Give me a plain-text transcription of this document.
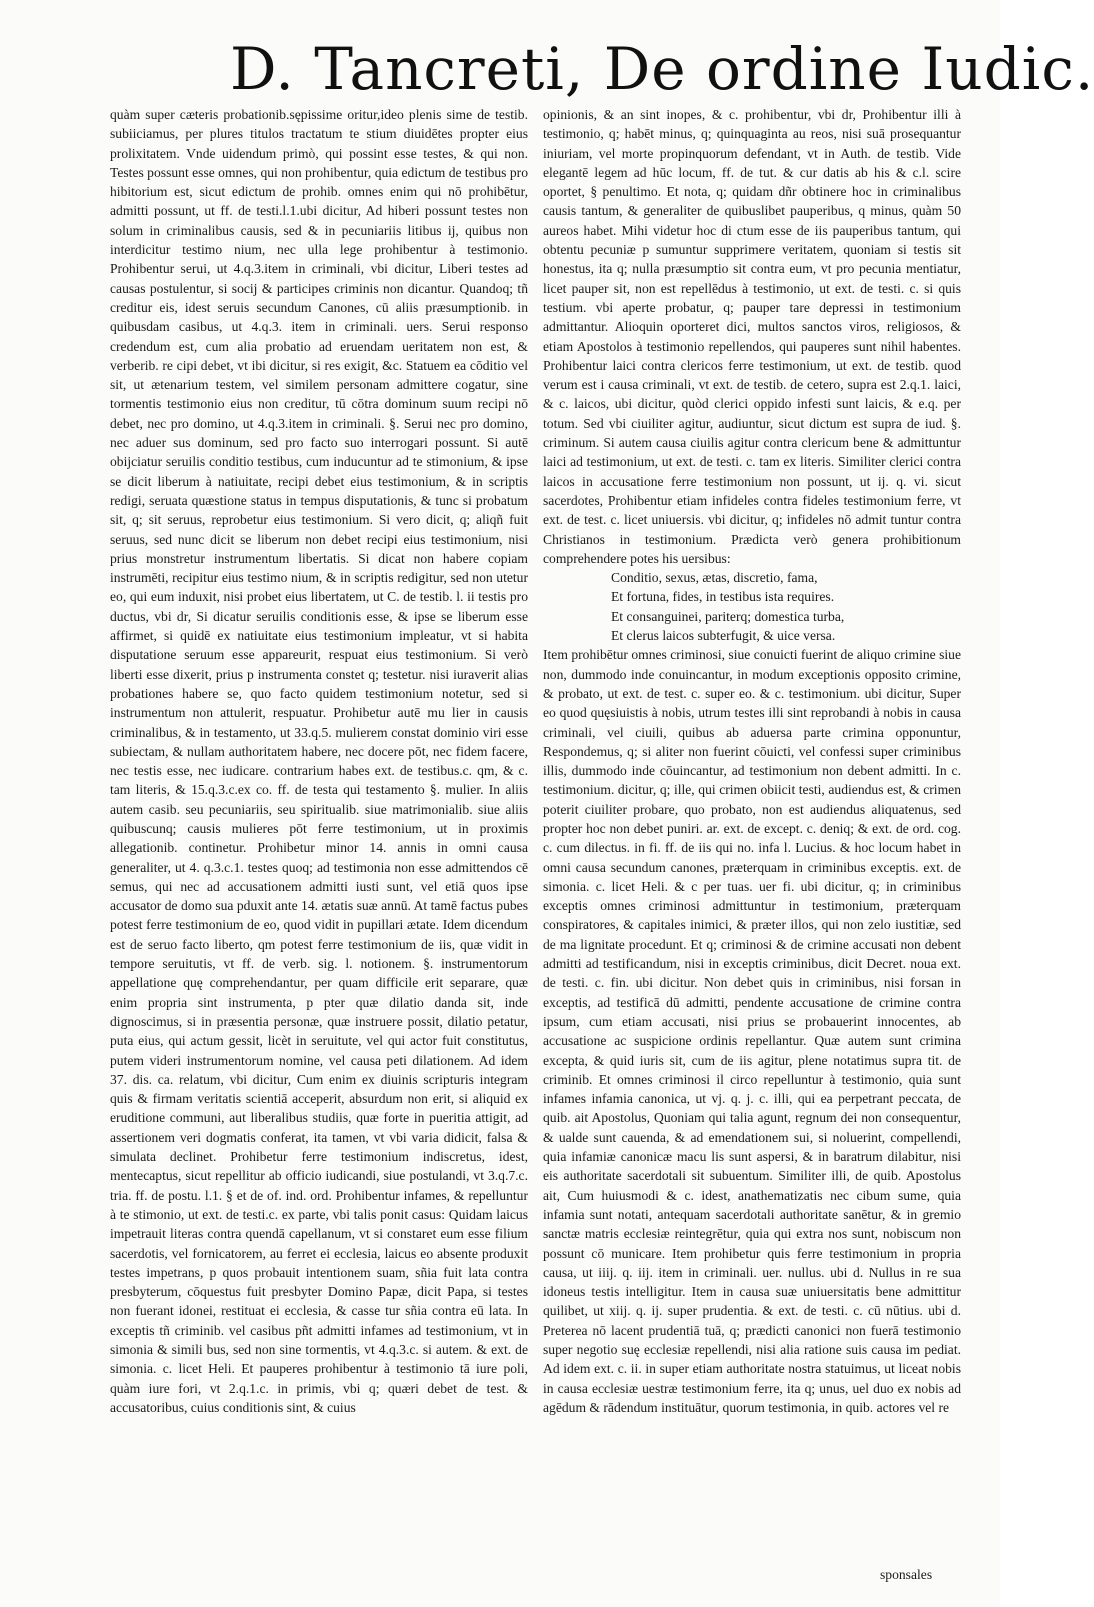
D. Tancreti, De ordine Iudic.

quàm super cæteris probationib.sępissime oritur,ideo plenis sime de testib. subiiciamus, per plures titulos tractatum te stium diuidētes propter eius prolixitatem. Vnde uidendum primò, qui possint esse testes, & qui non. Testes possunt esse omnes, qui non prohibentur, quia edictum de testibus pro hibitorium est, sicut edictum de prohib. omnes enim qui nō prohibētur, admitti possunt, ut ff. de testi.l.1.ubi dicitur, Ad hiberi possunt testes non solum in criminalibus causis, sed & in pecuniariis litibus ij, quibus non interdicitur testimo nium, nec ulla lege prohibentur à testimonio. Prohibentur serui, ut 4.q.3.item in criminali, vbi dicitur, Liberi testes ad causas postulentur, si socij & participes criminis non dicantur. Quandoq; tñ creditur eis, idest seruis secundum Canones, cū aliis præsumptionib. in quibusdam casibus, ut 4.q.3. item in criminali. uers. Serui responso credendum est, cum alia probatio ad eruendam ueritatem non est, & verberib. re cipi debet, vt ibi dicitur, si res exigit, &c. Statuem ea cōditio vel sit, ut ætenarium testem, vel similem personam admittere cogatur, sine tormentis testimonio eius non creditur, tū cōtra dominum suum recipi nō debet, nec pro domino, ut 4.q.3.item in criminali. §. Serui nec pro domino, nec aduer sus dominum, sed pro facto suo interrogari possunt. Si autē obijciatur seruilis conditio testibus, cum inducuntur ad te stimonium, & ipse se dicit liberum à natiuitate, recipi debet eius testimonium, & in scriptis redigi, seruata quæstione status in tempus disputationis, & tunc si probatum sit, q; sit seruus, reprobetur eius testimonium. Si vero dicit, q; aliqñ fuit seruus, sed nunc dicit se liberum non debet recipi eius testimonium, nisi prius monstretur instrumentum libertatis. Si dicat non habere copiam instrumēti, recipitur eius testimo nium, & in scriptis redigitur, sed non utetur eo, qui eum induxit, nisi probet eius libertatem, ut C. de testib. l. ii testis pro ductus, vbi dr, Si dicatur seruilis conditionis esse, & ipse se liberum esse affirmet, si quidē ex natiuitate eius testimonium impleatur, vt si habita disputatione seruum esse appareurit, respuat eius testimonium. Si verò liberti esse dixerit, prius p instrumenta constet q; testetur. nisi iuraverit alias probationes habere se, quo facto quidem testimonium notetur, sed si instrumentum non attulerit, respuatur. Prohibetur autē mu lier in causis criminalibus, & in testamento, ut 33.q.5. mulierem constat dominio viri esse subiectam, & nullam authoritatem habere, nec docere pōt, nec fidem facere, nec testis esse, nec iudicare. contrarium habes ext. de testibus.c. qm, & c. tam literis, & 15.q.3.c.ex co. ff. de testa qui testamento §. mulier. In aliis autem casib. seu pecuniariis, seu spiritualib. siue matrimonialib. siue aliis quibuscunq; causis mulieres pōt ferre testimonium, ut in proximis allegationib. continetur. Prohibetur minor 14. annis in omni causa generaliter, ut 4. q.3.c.1. testes quoq; ad testimonia non esse admittendos cē semus, qui nec ad accusationem admitti iusti sunt, vel etiā quos ipse accusator de domo sua pduxit ante 14. ætatis suæ annū. At tamē factus pubes potest ferre testimonium de eo, quod vidit in pupillari ætate. Idem dicendum est de seruo facto liberto, qm potest ferre testimonium de iis, quæ vidit in tempore seruitutis, vt ff. de verb. sig. l. notionem. §. instrumentorum appellatione quę comprehendantur, per quam difficile erit separare, quæ enim propria sint instrumenta, p pter quæ dilatio danda sit, inde dignoscimus, si in præsentia personæ, quæ instruere possit, dilatio petatur, puta eius, qui actum gessit, licèt in seruitute, vel qui actor fuit constitutus, putem videri instrumentorum nomine, vel causa peti dilationem. Ad idem 37. dis. ca. relatum, vbi dicitur, Cum enim ex diuinis scripturis integram quis & firmam veritatis scientiā acceperit, absurdum non erit, si aliquid ex eruditione communi, aut liberalibus studiis, quæ forte in pueritia attigit, ad assertionem veri dogmatis conferat, ita tamen, vt vbi varia didicit, falsa & simulata declinet. Prohibetur ferre testimonium indiscretus, idest, mentecaptus, sicut repellitur ab officio iudicandi, siue postulandi, vt 3.q.7.c. tria. ff. de postu. l.1. § et de of. ind. ord. Prohibentur infames, & repelluntur à te stimonio, ut ext. de testi.c. ex parte, vbi talis ponit casus: Quidam laicus impetrauit literas contra quendā capellanum, vt si constaret eum esse filium sacerdotis, vel fornicatorem, au ferret ei ecclesia, laicus eo absente produxit testes impetrans, p quos probauit intentionem suam, sñia fuit lata contra presbyterum, cōquestus fuit presbyter Domino Papæ, dicit Papa, si testes non fuerant idonei, restituat ei ecclesia, & casse tur sñia contra eū lata. In exceptis tñ criminib. vel casibus pñt admitti infames ad testimonium, vt in simonia & simili bus, sed non sine tormentis, vt 4.q.3.c. si autem. & ext. de simonia. c. licet Heli. Et pauperes prohibentur à testimonio tā iure poli, quàm iure fori, vt 2.q.1.c. in primis, vbi q; quæri debet de test. & accusatoribus, cuius conditionis sint, & cuius

opinionis, & an sint inopes, & c. prohibentur, vbi dr, Prohibentur illi à testimonio, q; habēt minus, q; quinquaginta au reos, nisi suā prosequantur iniuriam, vel morte propinquorum defendant, vt in Auth. de testib. Vide elegantē legem ad hūc locum, ff. de tut. & cur datis ab his & c.l. scire oportet, § penultimo. Et nota, q; quidam dñr obtinere hoc in criminalibus causis tantum, & generaliter de quibuslibet pauperibus, q minus, quàm 50 aureos habet. Mihi videtur hoc di ctum esse de iis pauperibus tantum, qui obtentu pecuniæ p sumuntur supprimere veritatem, quoniam si testis sit honestus, ita q; nulla præsumptio sit contra eum, vt pro pecunia mentiatur, licet pauper sit, non est repellēdus à testimonio, ut ext. de testi. c. si quis testium. vbi aperte probatur, q; pauper tare depressi in testimonium admittantur. Alioquin oporteret dici, multos sanctos viros, religiosos, & etiam Apostolos à testimonio repellendos, qui pauperes sunt nihil habentes. Prohibentur laici contra clericos ferre testimonium, ut ext. de testib. quod verum est i causa criminali, vt ext. de testib. de cetero, supra est 2.q.1. laici, & c. laicos, ubi dicitur, quòd clerici oppido infesti sunt laicis, & e.q. per totum. Sed vbi ciuiliter agitur, audiuntur, sicut dictum est supra de iud. §. criminum. Si autem causa ciuilis agitur contra clericum bene & admittuntur laici ad testimonium, ut ext. de testi. c. tam ex literis. Similiter clerici contra laicos in accusatione ferre testimonium non possunt, ut ij. q. vi. sicut sacerdotes, Prohibentur etiam infideles contra fideles testimonium ferre, vt ext. de test. c. licet uniuersis. vbi dicitur, q; infideles nō admit tuntur contra Christianos in testimonium. Prædicta verò genera prohibitionum comprehendere potes his uersibus:

Conditio, sexus, ætas, discretio, fama,
Et fortuna, fides, in testibus ista requires.
Et consanguinei, pariterq; domestica turba,
Et clerus laicos subterfugit, & uice versa.

Item prohibētur omnes criminosi, siue conuicti fuerint de aliquo crimine siue non, dummodo inde conuincantur, in modum exceptionis opposito crimine, & probato, ut ext. de test. c. super eo. & c. testimonium. ubi dicitur, Super eo quod quęsiuistis à nobis, utrum testes illi sint reprobandi à nobis in causa criminali, vel ciuili, quibus ab aduersa parte crimina opponuntur, Respondemus, q; si aliter non fuerint cōuicti, vel confessi super criminibus illis, dummodo inde cōuincantur, ad testimonium non debent admitti. In c. testimonium. dicitur, q; ille, qui crimen obiicit testi, audiendus est, & crimen poterit ciuiliter probare, quo probato, non est audiendus aliquatenus, sed propter hoc non debet puniri. ar. ext. de except. c. deniq; & ext. de ord. cog. c. cum dilectus. in fi. ff. de iis qui no. infa l. Lucius. & hoc locum habet in omni causa secundum canones, præterquam in criminibus exceptis. ext. de simonia. c. licet Heli. & c per tuas. uer fi. ubi dicitur, q; in criminibus exceptis omnes criminosi admittuntur in testimonium, præterquam conspiratores, & capitales inimici, & præter illos, qui non zelo iustitiæ, sed de ma lignitate procedunt. Et q; criminosi & de crimine accusati non debent admitti ad testificandum, nisi in exceptis criminibus, dicit Decret. noua ext. de testi. c. fin. ubi dicitur. Non debet quis in criminibus, nisi forsan in exceptis, ad testificā dū admitti, pendente accusatione de crimine contra ipsum, cum etiam accusati, nisi prius se probauerint innocentes, ab accusatione ac suspicione ordinis repellantur. Quæ autem sunt crimina excepta, & quid iuris sit, cum de iis agitur, plene notatimus supra tit. de criminib. Et omnes criminosi il circo repelluntur à testimonio, quia sunt infames infamia canonica, ut vj. q. j. c. illi, qui ea perpetrant peccata, de quib. ait Apostolus, Quoniam qui talia agunt, regnum dei non consequentur, & ualde sunt cauenda, & ad emendationem sui, si noluerint, compellendi, quia infamiæ canonicæ macu lis sunt aspersi, & in baratrum dilabitur, nisi eis authoritate sacerdotali sit subuentum. Similiter illi, de quib. Apostolus ait, Cum huiusmodi & c. idest, anathematizatis nec cibum sume, quia infamia sunt notati, antequam sacerdotali authoritate sanētur, & in gremio sanctæ matris ecclesiæ reintegrētur, quia qui extra nos sunt, nobiscum non possunt cō municare. Item prohibetur quis ferre testimonium in propria causa, ut iiij. q. iij. item in criminali. uer. nullus. ubi d. Nullus in re sua idoneus testis intelligitur. Item in causa suæ uniuersitatis bene admittitur quilibet, ut xiij. q. ij. super prudentia. & ext. de testi. c. cū nūtius. ubi d. Preterea nō lacent prudentiā tuā, q; prædicti canonici non fuerā testimonio super negotio suę ecclesiæ repellendi, nisi alia ratione suis causa im pediat. Ad idem ext. c. ii. in super etiam authoritate nostra statuimus, ut liceat nobis in causa ecclesiæ uestræ testimonium ferre, ita q; unus, uel duo ex nobis ad agēdum & rādendum instituātur, quorum testimonia, in quib. actores vel re

sponsales
